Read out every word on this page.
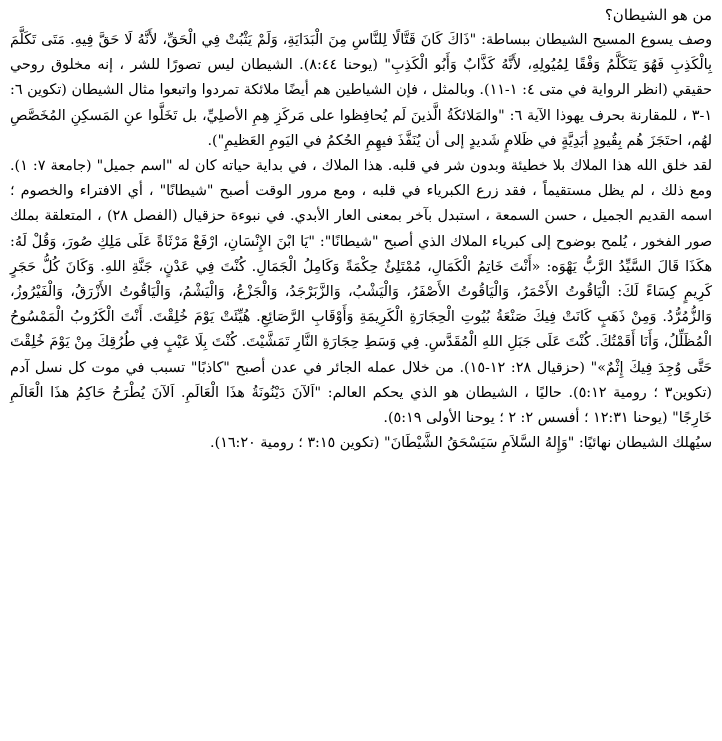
من هو الشيطان؟

وصف يسوع المسيح الشيطان ببساطة: "ذَاكَ كَانَ قَتَّالًا لِلنَّاسِ مِنَ الْبَدَايَةِ، وَلَمْ يَثْبُتْ فِي الْحَقِّ، لأَنَّهُ لَا حَقَّ فِيهِ. مَتَى تَكَلَّمَ بِالْكَذِبِ فَهُوَ يَتَكَلَّمُ وَفْقًا لِمُيُولِهِ، لأَنَّهُ كَذَّابٌ وَأَبُو الْكَذِبِ" (يوحنا ٨:٤٤). الشيطان ليس تصورًا للشر ، إنه مخلوق روحي حقيقي (انظر الرواية في متى ٤: ١-١١). وبالمثل ، فإن الشياطين هم أيضًا ملائكة تمردوا واتبعوا مثال الشيطان (تكوين ٦: ١-٣ ، للمقارنة بحرف يهوذا الآية ٦: "والمَلائكَةُ الَّذينَ لَم يُحافِظوا على مَركَزِ هِمِ الأصلِيِّ، بل تَخَلَّوا عنِ المَسكِنِ المُخَصَّصِ لهُم، احتَجَزَ هُم بِقُيودٍ أبَدِيَّةٍ في ظَلامٍ شَديدٍ إلى أن يُنَفَّذَ فيهِمِ الحُكمُ في اليَومِ العَظيمِ").

لقد خلق الله هذا الملاك بلا خطيئة وبدون شر في قلبه. هذا الملاك ، في بداية حياته كان له "اسم جميل" (جامعة ٧: ١). ومع ذلك ، لم يظل مستقيماً ، فقد زرع الكبرياء في قلبه ، ومع مرور الوقت أصبح "شيطانًا" ، أي الافتراء والخصوم ؛ اسمه القديم الجميل ، حسن السمعة ، استبدل بآخر بمعنى العار الأبدي. في نبوءة حزقيال (الفصل ٢٨) ، المتعلقة بملك صور الفخور ، يُلمح بوضوح إلى كبرياء الملاك الذي أصبح "شيطانًا": "يَا ابْنَ الإِنْسَانِ، ارْفَعْ مَرْثَاةً عَلَى مَلِكِ صُورَ، وَقُلْ لَهُ: هكَذَا قَالَ السَّيِّدُ الرَّبُّ يَهْوَه: «أَنْتَ خَاتِمُ الْكَمَالِ، مُمْتَلِئٌ حِكْمَةً وَكَامِلُ الْجَمَالِ. كُنْتَ فِي عَدْنٍ، جَنَّةِ اللهِ. وَكَانَ كُلُّ حَجَرٍ كَرِيمٍ كِسَاءً لَكَ: الْيَاقُوتُ الأَحْمَرُ، وَالْيَاقُوتُ الأَصْفَرُ، وَالْيَشْبُ، وَالزَّبَرْجَدُ، وَالْجَزْعُ، وَالْيَشْمُ، وَالْيَاقُوتُ الأَزْرَقُ، وَالْفَيْرُوزُ، وَالزُّمُرُّدُ. وَمِنْ ذَهَبٍ كَانَتْ فِيكَ صَنْعَةُ بُيُوتِ الْحِجَارَةِ الْكَرِيمَةِ وَأَوْقَابِ الرَّصَائِعِ. هُيِّئَتْ يَوْمَ خُلِقْتَ. أَنْتَ الْكَرُوبُ الْمَمْسُوحُ الْمُظَلِّلُ، وَأَنَا أَقَمْتُكَ. كُنْتَ عَلَى جَبَلِ اللهِ الْمُقَدَّسِ. فِي وَسَطِ حِجَارَةِ النَّارِ تَمَشَّيْتَ. كُنْتَ بِلَا عَيْبٍ فِي طُرُقِكَ مِنْ يَوْمَ خُلِقْتَ حَتَّى وُجِدَ فِيكَ إِثْمٌ»" (حزقيال ٢٨: ١٢-١٥). من خلال عمله الجائر في عدن أصبح "كاذبًا" تسبب في موت كل نسل آدم (تكوين٣ ؛ رومية ٥:١٢). حاليًا ، الشيطان هو الذي يحكم العالم: "اَلآنَ دَيْنُونَةُ هذَا الْعَالَمِ. اَلآنَ يُطْرَحُ حَاكِمُ هذَا الْعَالَمِ خَارِجًا" (يوحنا ١٢:٣١ ؛ أفسس ٢: ٢ ؛ يوحنا الأولى ٥:١٩).

سيُهلك الشيطان نهائيًا: "وَإِلهُ السَّلاَمِ سَيَسْحَقُ الشَّيْطَانَ" (تكوين ٣:١٥ ؛ رومية ١٦:٢٠).
